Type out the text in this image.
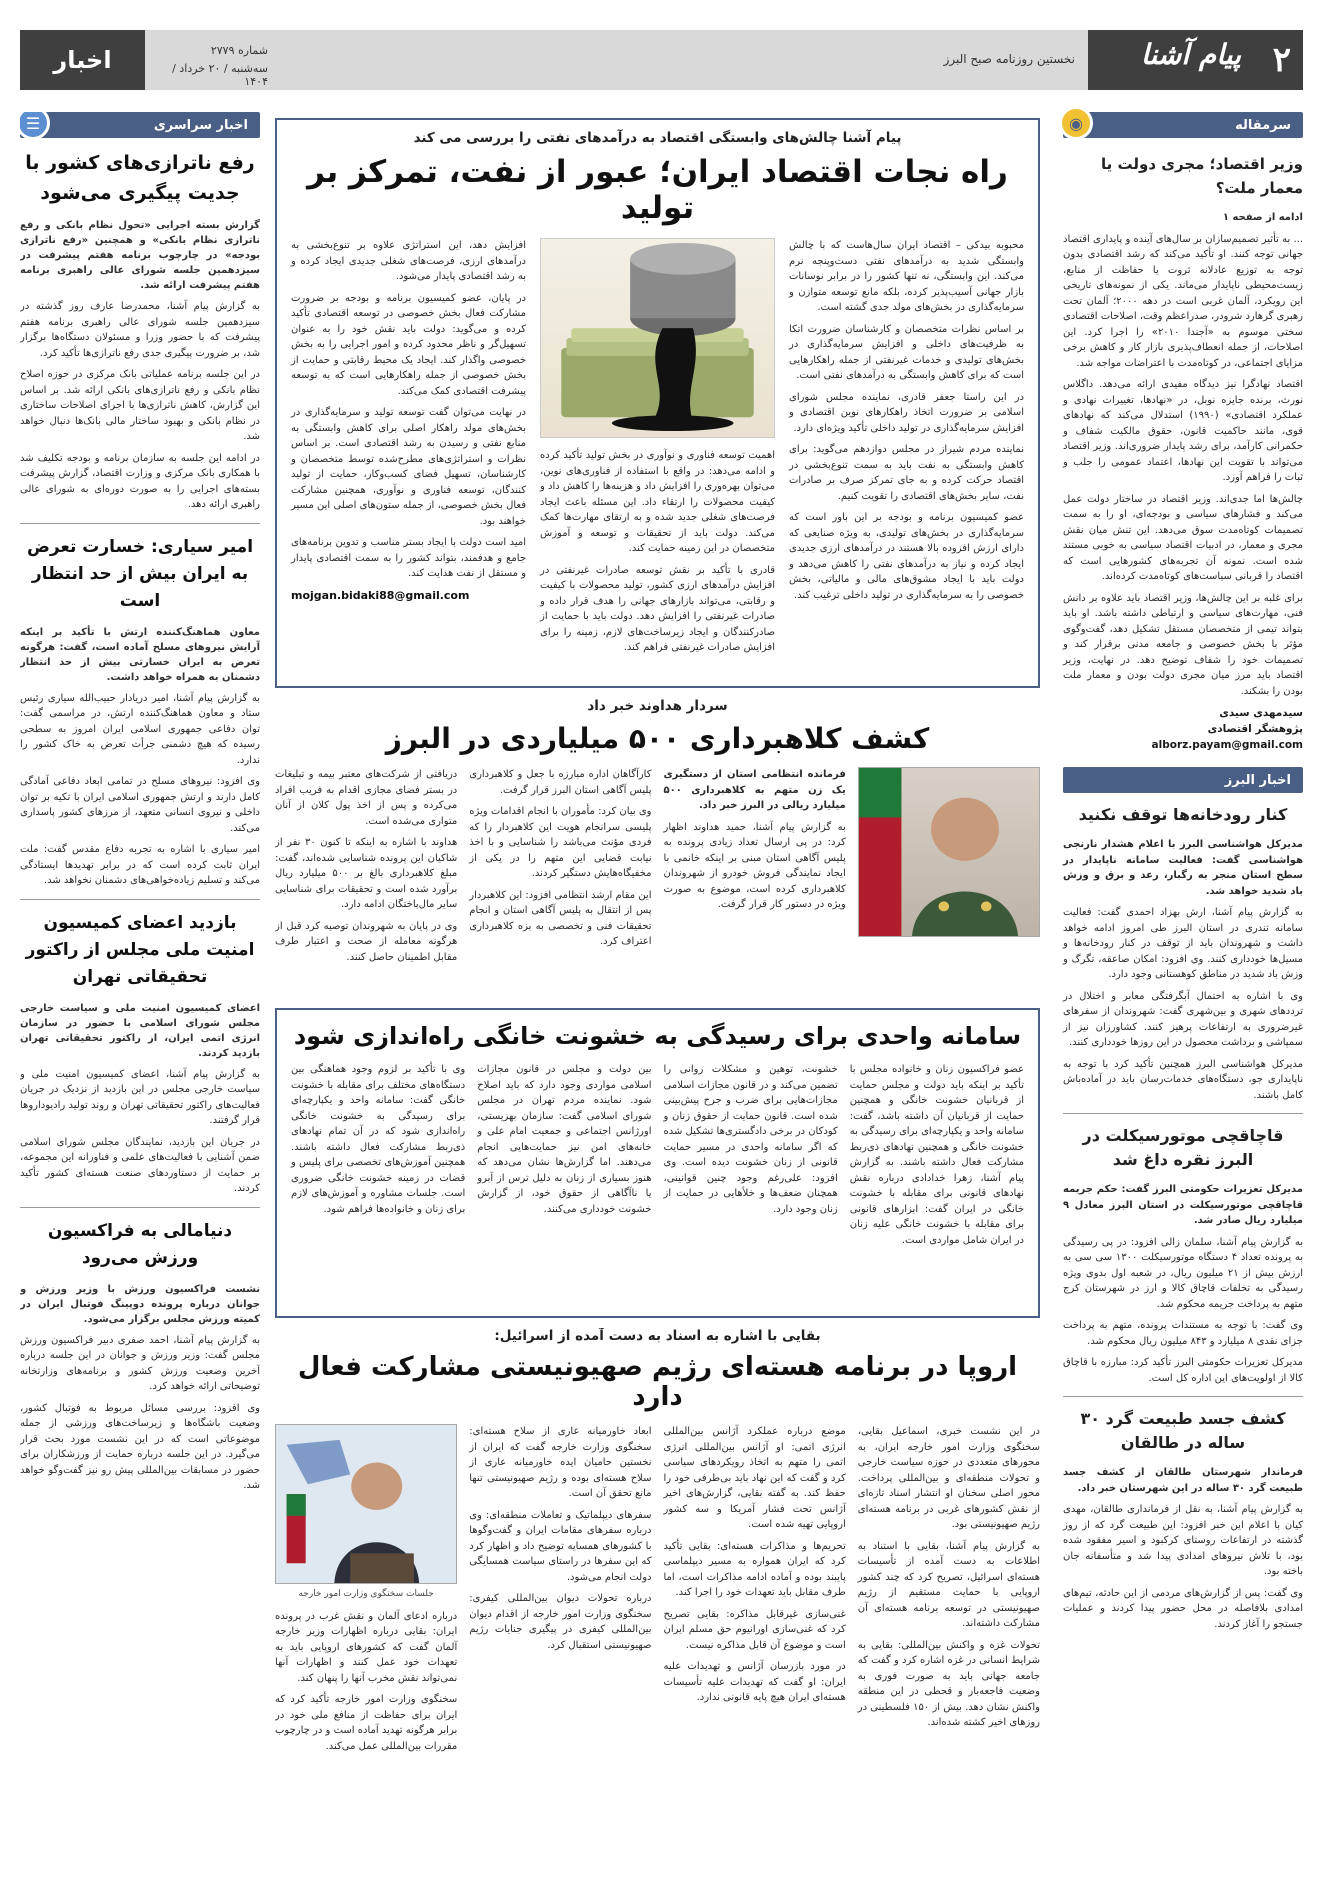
۲
پیام آشنا
نخستین روزنامه صبح البرز
شماره ۲۷۷۹
سه‌شنبه / ۲۰ خرداد / ۱۴۰۴
اخبار
سرمقاله
◉
وزیر اقتصاد؛ مجری دولت یا معمار ملت؟
ادامه از صفحه ۱
... به تأثیر تصمیم‌سازان بر سال‌های آینده و پایداری اقتصاد جهانی توجه کنند. او تأکید می‌کند که رشد اقتصادی بدون توجه به توزیع عادلانه ثروت یا حفاظت از منابع، زیست‌محیطی ناپایدار می‌ماند. یکی از نمونه‌های تاریخی این رویکرد، آلمان غربی است در دهه ۲۰۰۰؛ آلمان تحت رهبری گرهارد شرودر، صدراعظم وقت، اصلاحات اقتصادی سختی موسوم به «آجندا ۲۰۱۰» را اجرا کرد. این اصلاحات، از جمله انعطاف‌پذیری بازار کار و کاهش برخی مزایای اجتماعی، در کوتاه‌مدت با اعتراضات مواجه شد.
اقتصاد نهادگرا نیز دیدگاه مفیدی ارائه می‌دهد. داگلاس نورث، برنده جایزه نوبل، در «نهادها، تغییرات نهادی و عملکرد اقتصادی» (۱۹۹۰) استدلال می‌کند که نهادهای قوی، مانند حاکمیت قانون، حقوق مالکیت شفاف و حکمرانی کارآمد، برای رشد پایدار ضروری‌اند. وزیر اقتصاد می‌تواند با تقویت این نهادها، اعتماد عمومی را جلب و ثبات را فراهم آورد.
چالش‌ها اما جدی‌اند. وزیر اقتصاد در ساختار دولت عمل می‌کند و فشارهای سیاسی و بودجه‌ای، او را به سمت تصمیمات کوتاه‌مدت سوق می‌دهد. این تنش میان نقش مجری و معمار، در ادبیات اقتصاد سیاسی به خوبی مستند شده است. نمونه آن تجربه‌های کشورهایی است که اقتصاد را قربانی سیاست‌های کوتاه‌مدت کرده‌اند.
برای غلبه بر این چالش‌ها، وزیر اقتصاد باید علاوه بر دانش فنی، مهارت‌های سیاسی و ارتباطی داشته باشد. او باید بتواند تیمی از متخصصان مستقل تشکیل دهد، گفت‌وگوی مؤثر با بخش خصوصی و جامعه مدنی برقرار کند و تصمیمات خود را شفاف توضیح دهد. در نهایت، وزیر اقتصاد باید مرز میان مجری دولت بودن و معمار ملت بودن را بشکند.
سیدمهدی سیدی
پژوهشگر اقتصادی
alborz.payam@gmail.com
اخبار البرز
کنار رودخانه‌ها توقف نکنید
مدیرکل هواشناسی البرز با اعلام هشدار نارنجی هواشناسی گفت: فعالیت سامانه ناپایدار در سطح استان منجر به رگبار، رعد و برق و وزش باد شدید خواهد شد.
به گزارش پیام آشنا، ارش بهزاد احمدی گفت: فعالیت سامانه تندری در استان البرز طی امروز ادامه خواهد داشت و شهروندان باید از توقف در کنار رودخانه‌ها و مسیل‌ها خودداری کنند. وی افزود: امکان صاعقه، تگرگ و وزش باد شدید در مناطق کوهستانی وجود دارد.
وی با اشاره به احتمال آبگرفتگی معابر و اختلال در ترددهای شهری و بین‌شهری گفت: شهروندان از سفرهای غیرضروری به ارتفاعات پرهیز کنند. کشاورزان نیز از سمپاشی و برداشت محصول در این روزها خودداری کنند.
مدیرکل هواشناسی البرز همچنین تأکید کرد با توجه به ناپایداری جو، دستگاه‌های خدمات‌رسان باید در آماده‌باش کامل باشند.
قاچاقچی موتورسیکلت در البرز نقره داغ شد
مدیرکل تعزیرات حکومتی البرز گفت: حکم جریمه قاچاقچی موتورسیکلت در استان البرز معادل ۹ میلیارد ریال صادر شد.
به گزارش پیام آشنا، سلمان زالی افزود: در پی رسیدگی به پرونده تعداد ۴ دستگاه موتورسیکلت ۱۳۰۰ سی سی به ارزش بیش از ۲۱ میلیون ریال، در شعبه اول بدوی ویژه رسیدگی به تخلفات قاچاق کالا و ارز در شهرستان کرج متهم به پرداخت جریمه محکوم شد.
وی گفت: با توجه به مستندات پرونده، متهم به پرداخت جزای نقدی ۸ میلیارد و ۸۴۳ میلیون ریال محکوم شد.
مدیرکل تعزیرات حکومتی البرز تأکید کرد: مبارزه با قاچاق کالا از اولویت‌های این اداره کل است.
کشف جسد طبیعت گرد ۳۰ ساله در طالقان
فرماندار شهرستان طالقان از کشف جسد طبیعت گرد ۳۰ ساله در این شهرستان خبر داد.
به گزارش پیام آشنا، به نقل از فرمانداری طالقان، مهدی کیان با اعلام این خبر افزود: این طبیعت گرد که از روز گذشته در ارتفاعات روستای کرکبود و اسیر مفقود شده بود، با تلاش نیروهای امدادی پیدا شد و متأسفانه جان باخته بود.
وی گفت: پس از گزارش‌های مردمی از این حادثه، تیم‌های امدادی بلافاصله در محل حضور پیدا کردند و عملیات جستجو را آغاز کردند.
پیام آشنا چالش‌های وابستگی اقتصاد به درآمدهای نفتی را بررسی می کند
راه نجات اقتصاد ایران؛ عبور از نفت، تمرکز بر تولید
محبوبه بیدکی – اقتصاد ایران سال‌هاست که با چالش وابستگی شدید به درآمدهای نفتی دست‌وپنجه نرم می‌کند. این وابستگی، نه تنها کشور را در برابر نوسانات بازار جهانی آسیب‌پذیر کرده، بلکه مانع توسعه متوازن و سرمایه‌گذاری در بخش‌های مولد جدی گشته است.
بر اساس نظرات متخصصان و کارشناسان ضرورت اتکا به ظرفیت‌های داخلی و افزایش سرمایه‌گذاری در بخش‌های تولیدی و خدمات غیرنفتی از جمله راهکارهایی است که برای کاهش وابستگی به درآمدهای نفتی است.
در این راستا جعفر قادری، نماینده مجلس شورای اسلامی بر ضرورت اتخاذ راهکارهای نوین اقتصادی و افزایش سرمایه‌گذاری در تولید داخلی تأکید ویژه‌ای دارد.
نماینده مردم شیراز در مجلس دوازدهم می‌گوید: برای کاهش وابستگی به نفت باید به سمت تنوع‌بخشی در اقتصاد حرکت کرده و به جای تمرکز صرف بر صادرات نفت، سایر بخش‌های اقتصادی را تقویت کنیم.
عضو کمیسیون برنامه و بودجه بر این باور است که سرمایه‌گذاری در بخش‌های تولیدی، به ویژه صنایعی که دارای ارزش افزوده بالا هستند در درآمدهای ارزی جدیدی ایجاد کرده و نیاز به درآمدهای نفتی را کاهش می‌دهد و دولت باید با ایجاد مشوق‌های مالی و مالیاتی، بخش خصوصی را به سرمایه‌گذاری در تولید داخلی ترغیب کند.
اهمیت توسعه فناوری و نوآوری در بخش تولید تأکید کرده و ادامه می‌دهد: در واقع با استفاده از فناوری‌های نوین، می‌توان بهره‌وری را افزایش داد و هزینه‌ها را کاهش داد و کیفیت محصولات را ارتقاء داد. این مسئله باعث ایجاد فرصت‌های شغلی جدید شده و به ارتقای مهارت‌ها کمک می‌کند. دولت باید از تحقیقات و توسعه و آموزش متخصصان در این زمینه حمایت کند.
قادری با تأکید بر نقش توسعه صادرات غیرنفتی در افزایش درآمدهای ارزی کشور، تولید محصولات با کیفیت و رقابتی، می‌تواند بازارهای جهانی را هدف قرار داده و صادرات غیرنفتی را افزایش دهد. دولت باید با حمایت از صادرکنندگان و ایجاد زیرساخت‌های لازم، زمینه را برای افزایش صادرات غیرنفتی فراهم کند.
افزایش دهد، این استراتژی علاوه بر تنوع‌بخشی به درآمدهای ارزی، فرصت‌های شغلی جدیدی ایجاد کرده و به رشد اقتصادی پایدار می‌شود.
در پایان، عضو کمیسیون برنامه و بودجه بر ضرورت مشارکت فعال بخش خصوصی در توسعه اقتصادی تأکید کرده و می‌گوید: دولت باید نقش خود را به عنوان تسهیل‌گر و ناظر محدود کرده و امور اجرایی را به بخش خصوصی واگذار کند. ایجاد یک محیط رقابتی و حمایت از بخش خصوصی از جمله راهکارهایی است که به توسعه پیشرفت اقتصادی کمک می‌کند.
در نهایت می‌توان گفت توسعه تولید و سرمایه‌گذاری در بخش‌های مولد راهکار اصلی برای کاهش وابستگی به منابع نفتی و رسیدن به رشد اقتصادی است. بر اساس نظرات و استراتژی‌های مطرح‌شده توسط متخصصان و کارشناسان، تسهیل فضای کسب‌وکار، حمایت از تولید کنندگان، توسعه فناوری و نوآوری، همچنین مشارکت فعال بخش خصوصی، از جمله ستون‌های اصلی این مسیر خواهند بود.
امید است دولت با ایجاد بستر مناسب و تدوین برنامه‌های جامع و هدفمند، بتواند کشور را به سمت اقتصادی پایدار و مستقل از نفت هدایت کند.
mojgan.bidaki88@gmail.com
سردار هداوند خبر داد
کشف کلاهبرداری ۵۰۰ میلیاردی در البرز
فرمانده انتظامی استان از دستگیری یک زن متهم به کلاهبرداری ۵۰۰ میلیارد ریالی در البرز خبر داد.
به گزارش پیام آشنا، حمید هداوند اظهار کرد: در پی ارسال تعداد زیادی پرونده به پلیس آگاهی استان مبنی بر اینکه خانمی با ایجاد نمایندگی فروش خودرو از شهروندان کلاهبرداری کرده است، موضوع به صورت ویژه در دستور کار قرار گرفت.
کارآگاهان اداره مبارزه با جعل و کلاهبرداری پلیس آگاهی استان البرز قرار گرفت.
وی بیان کرد: مأموران با انجام اقدامات ویژه پلیسی سرانجام هویت این کلاهبردار را که فردی مؤنث می‌باشد را شناسایی و با اخذ نیابت قضایی این متهم را در یکی از مخفیگاه‌هایش دستگیر کردند.
این مقام ارشد انتظامی افزود: این کلاهبردار پس از انتقال به پلیس آگاهی استان و انجام تحقیقات فنی و تخصصی به بزه کلاهبرداری اعتراف کرد.
دریافتی از شرکت‌های معتبر بیمه و تبلیغات در بستر فضای مجازی اقدام به فریب افراد می‌کرده و پس از اخذ پول کلان از آنان متواری می‌شده است.
هداوند با اشاره به اینکه تا کنون ۳۰ نفر از شاکیان این پرونده شناسایی شده‌اند، گفت: مبلغ کلاهبرداری بالغ بر ۵۰۰ میلیارد ریال برآورد شده است و تحقیقات برای شناسایی سایر مال‌باختگان ادامه دارد.
وی در پایان به شهروندان توصیه کرد قبل از هرگونه معامله از صحت و اعتبار طرف مقابل اطمینان حاصل کنند.
سامانه واحدی برای رسیدگی به خشونت خانگی راه‌اندازی شود
عضو فراکسیون زنان و خانواده مجلس با تأکید بر اینکه باید دولت و مجلس حمایت از قربانیان خشونت خانگی و همچنین حمایت از قربانیان آن داشته باشد، گفت: سامانه واحد و یکپارچه‌ای برای رسیدگی به خشونت خانگی و همچنین نهادهای ذی‌ربط مشارکت فعال داشته باشند. به گزارش پیام آشنا، زهرا خدادادی درباره نقش نهادهای قانونی برای مقابله با خشونت خانگی در ایران گفت: ابزارهای قانونی برای مقابله با خشونت خانگی علیه زنان در ایران شامل مواردی است.
خشونت، توهین و مشکلات روانی را تضمین می‌کند و در قانون مجازات اسلامی مجازات‌هایی برای ضرب و جرح پیش‌بینی شده است. قانون حمایت از حقوق زنان و کودکان در برخی دادگستری‌ها تشکیل شده که اگر سامانه واحدی در مسیر حمایت قانونی از زنان خشونت دیده است. وی افزود: علی‌رغم وجود چنین قوانینی، همچنان ضعف‌ها و خلأهایی در حمایت از زنان وجود دارد.
بین دولت و مجلس در قانون مجازات اسلامی مواردی وجود دارد که باید اصلاح شود. نماینده مردم تهران در مجلس شورای اسلامی گفت: سازمان بهزیستی، اورژانس اجتماعی و جمعیت امام علی و خانه‌های امن نیز حمایت‌هایی انجام می‌دهند. اما گزارش‌ها نشان می‌دهد که هنوز بسیاری از زنان به دلیل ترس از آبرو یا ناآگاهی از حقوق خود، از گزارش خشونت خودداری می‌کنند.
وی با تأکید بر لزوم وجود هماهنگی بین دستگاه‌های مختلف برای مقابله با خشونت خانگی گفت: سامانه واحد و یکپارچه‌ای برای رسیدگی به خشونت خانگی راه‌اندازی شود که در آن تمام نهادهای ذی‌ربط مشارکت فعال داشته باشند. همچنین آموزش‌های تخصصی برای پلیس و قضات در زمینه خشونت خانگی ضروری است. جلسات مشاوره و آموزش‌های لازم برای زنان و خانواده‌ها فراهم شود.
بقایی با اشاره به اسناد به دست آمده از اسرائیل:
اروپا در برنامه هسته‌ای رژیم صهیونیستی مشارکت فعال دارد
در این نشست خبری، اسماعیل بقایی، سخنگوی وزارت امور خارجه ایران، به محورهای متعددی در حوزه سیاست خارجی و تحولات منطقه‌ای و بین‌المللی پرداخت. محور اصلی سخنان او انتشار اسناد تازه‌ای از نقش کشورهای غربی در برنامه هسته‌ای رژیم صهیونیستی بود.
به گزارش پیام آشنا، بقایی با استناد به اطلاعات به دست آمده از تأسیسات هسته‌ای اسرائیل، تصریح کرد که چند کشور اروپایی با حمایت مستقیم از رژیم صهیونیستی در توسعه برنامه هسته‌ای آن مشارکت داشته‌اند.
تحولات غزه و واکنش بین‌المللی: بقایی به شرایط انسانی در غزه اشاره کرد و گفت که جامعه جهانی باید به صورت فوری به وضعیت فاجعه‌بار و قحطی در این منطقه واکنش نشان دهد. بیش از ۱۵۰ فلسطینی در روزهای اخیر کشته شده‌اند.
موضع درباره عملکرد آژانس بین‌المللی انرژی اتمی: او آژانس بین‌المللی انرژی اتمی را متهم به اتخاذ رویکردهای سیاسی کرد و گفت که این نهاد باید بی‌طرفی خود را حفظ کند. به گفته بقایی، گزارش‌های اخیر آژانس تحت فشار آمریکا و سه کشور اروپایی تهیه شده است.
تحریم‌ها و مذاکرات هسته‌ای: بقایی تأکید کرد که ایران همواره به مسیر دیپلماسی پایبند بوده و آماده ادامه مذاکرات است، اما طرف مقابل باید تعهدات خود را اجرا کند.
غنی‌سازی غیرقابل مذاکره: بقایی تصریح کرد که غنی‌سازی اورانیوم حق مسلم ایران است و موضوع آن قابل مذاکره نیست.
در مورد بازرسان آژانس و تهدیدات علیه ایران: او گفت که تهدیدات علیه تأسیسات هسته‌ای ایران هیچ پایه قانونی ندارد.
ابعاد خاورمیانه عاری از سلاح هسته‌ای: سخنگوی وزارت خارجه گفت که ایران از نخستین حامیان ایده خاورمیانه عاری از سلاح هسته‌ای بوده و رژیم صهیونیستی تنها مانع تحقق آن است.
سفرهای دیپلماتیک و تعاملات منطقه‌ای: وی درباره سفرهای مقامات ایران و گفت‌وگوها با کشورهای همسایه توضیح داد و اظهار کرد که این سفرها در راستای سیاست همسایگی دولت انجام می‌شود.
درباره تحولات دیوان بین‌المللی کیفری: سخنگوی وزارت امور خارجه از اقدام دیوان بین‌المللی کیفری در پیگیری جنایات رژیم صهیونیستی استقبال کرد.
جلسات سخنگوی وزارت امور خارجه
درباره ادعای آلمان و نقش غرب در پرونده ایران: بقایی درباره اظهارات وزیر خارجه آلمان گفت که کشورهای اروپایی باید به تعهدات خود عمل کنند و اظهارات آنها نمی‌تواند نقش مخرب آنها را پنهان کند.
سخنگوی وزارت امور خارجه تأکید کرد که ایران برای حفاظت از منافع ملی خود در برابر هرگونه تهدید آماده است و در چارچوب مقررات بین‌المللی عمل می‌کند.
اخبار سراسری
☰
رفع ناترازی‌های کشور با جدیت پیگیری می‌شود
گزارش بسته اجرایی «تحول نظام بانکی و رفع ناترازی نظام بانکی» و همچنین «رفع ناترازی بودجه» در چارچوب برنامه هفتم پیشرفت در سیزدهمین جلسه شورای عالی راهبری برنامه هفتم پیشرفت ارائه شد.
به گزارش پیام آشنا، محمدرضا عارف روز گذشته در سیزدهمین جلسه شورای عالی راهبری برنامه هفتم پیشرفت که با حضور وزرا و مسئولان دستگاه‌ها برگزار شد، بر ضرورت پیگیری جدی رفع ناترازی‌ها تأکید کرد.
در این جلسه برنامه عملیاتی بانک مرکزی در حوزه اصلاح نظام بانکی و رفع ناترازی‌های بانکی ارائه شد. بر اساس این گزارش، کاهش ناترازی‌ها با اجرای اصلاحات ساختاری در نظام بانکی و بهبود ساختار مالی بانک‌ها دنبال خواهد شد.
در ادامه این جلسه به سازمان برنامه و بودجه تکلیف شد با همکاری بانک مرکزی و وزارت اقتصاد، گزارش پیشرفت بسته‌های اجرایی را به صورت دوره‌ای به شورای عالی راهبری ارائه دهد.
امیر سیاری: خسارت تعرض به ایران بیش از حد انتظار است
معاون هماهنگ‌کننده ارتش با تأکید بر اینکه آرایش نیروهای مسلح آماده است، گفت: هرگونه تعرض به ایران خسارتی بیش از حد انتظار دشمنان به همراه خواهد داشت.
به گزارش پیام آشنا، امیر دریادار حبیب‌الله سیاری رئیس ستاد و معاون هماهنگ‌کننده ارتش، در مراسمی گفت: توان دفاعی جمهوری اسلامی ایران امروز به سطحی رسیده که هیچ دشمنی جرأت تعرض به خاک کشور را ندارد.
وی افزود: نیروهای مسلح در تمامی ابعاد دفاعی آمادگی کامل دارند و ارتش جمهوری اسلامی ایران با تکیه بر توان داخلی و نیروی انسانی متعهد، از مرزهای کشور پاسداری می‌کند.
امیر سیاری با اشاره به تجربه دفاع مقدس گفت: ملت ایران ثابت کرده است که در برابر تهدیدها ایستادگی می‌کند و تسلیم زیاده‌خواهی‌های دشمنان نخواهد شد.
بازدید اعضای کمیسیون امنیت ملی مجلس از راکتور تحقیقاتی تهران
اعضای کمیسیون امنیت ملی و سیاست خارجی مجلس شورای اسلامی با حضور در سازمان انرژی اتمی ایران، از راکتور تحقیقاتی تهران بازدید کردند.
به گزارش پیام آشنا، اعضای کمیسیون امنیت ملی و سیاست خارجی مجلس در این بازدید از نزدیک در جریان فعالیت‌های راکتور تحقیقاتی تهران و روند تولید رادیوداروها قرار گرفتند.
در جریان این بازدید، نمایندگان مجلس شورای اسلامی ضمن آشنایی با فعالیت‌های علمی و فناورانه این مجموعه، بر حمایت از دستاوردهای صنعت هسته‌ای کشور تأکید کردند.
دنیامالی به فراکسیون ورزش می‌رود
نشست فراکسیون ورزش با وزیر ورزش و جوانان درباره پرونده دوپینگ فوتبال ایران در کمیته ورزش مجلس برگزار می‌شود.
به گزارش پیام آشنا، احمد صفری دبیر فراکسیون ورزش مجلس گفت: وزیر ورزش و جوانان در این جلسه درباره آخرین وضعیت ورزش کشور و برنامه‌های وزارتخانه توضیحاتی ارائه خواهد کرد.
وی افزود: بررسی مسائل مربوط به فوتبال کشور، وضعیت باشگاه‌ها و زیرساخت‌های ورزشی از جمله موضوعاتی است که در این نشست مورد بحث قرار می‌گیرد. در این جلسه درباره حمایت از ورزشکاران برای حضور در مسابقات بین‌المللی پیش رو نیز گفت‌وگو خواهد شد.
